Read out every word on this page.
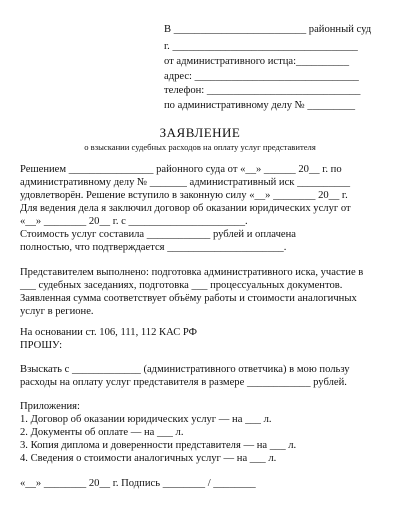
В _________________________ районный суд
г. ___________________________________
от административного истца:__________
адрес: _______________________________
телефон: _____________________________
по административному делу № _________
ЗАЯВЛЕНИЕ
о взыскании судебных расходов на оплату услуг представителя
Решением ________________ районного суда от «__» ______ 20__ г. по
административному делу № _______ административный иск __________
удовлетворён. Решение вступило в законную силу «__» ________ 20__ г.
Для ведения дела я заключил договор об оказании юридических услуг от
«__» ________ 20__ г. с ______________________.
Стоимость услуг составила ____________ рублей и оплачена
полностью, что подтверждается ______________________.
Представителем выполнено: подготовка административного иска, участие в
___ судебных заседаниях, подготовка ___ процессуальных документов.
Заявленная сумма соответствует объёму работы и стоимости аналогичных
услуг в регионе.
На основании ст. 106, 111, 112 КАС РФ
ПРОШУ:
Взыскать с _____________ (административного ответчика) в мою пользу
расходы на оплату услуг представителя в размере ____________ рублей.
Приложения:
1. Договор об оказании юридических услуг — на ___ л.
2. Документы об оплате — на ___ л.
3. Копия диплома и доверенности представителя — на ___ л.
4. Сведения о стоимости аналогичных услуг — на ___ л.
«__» ________ 20__ г. Подпись ________ / ________
